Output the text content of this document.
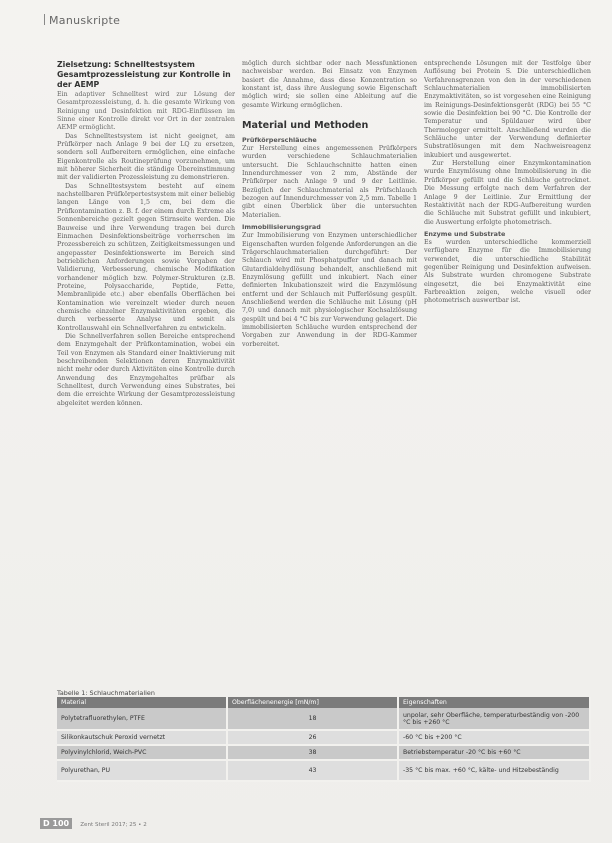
Manuskripte
Zielsetzung: Schnelltestsystem Gesamtprozessleistung zur Kontrolle in der AEMP

Ein adaptiver Schnelltest wird zur Lösung der Gesamtprozessleistung, d. h. die gesamte Wirkung von Reinigung und Desinfektion mit RDG-Einflüssen im Sinne einer Kontrolle direkt vor Ort in der zentralen AEMP ermöglicht.

Das Schnelltestsystem ist nicht geeignet, am Prüfkörper nach Anlage 9 bei der LQ zu ersetzen, sondern soll Aufbereitern ermöglichen, eine einfache Eigenkontrolle als Routineprüfung vorzunehmen, um mit höherer Sicherheit die ständige Übereinstimmung mit der validierten Prozessleistung zu demonstrieren.

Das Schnelltestsystem besteht auf einem nachstellbaren Prüfkörpertestsystem mit einer beliebig langen Länge von 1,5 cm, bei dem die Prüfkontamination z. B. f. der einem durch Extreme als Sonnenbereiche gezielt gegen Stirnseite werden. Die Bauweise und ihre Verwendung tragen bei durch Einmachen Desinfektionsbeiträge vorherrschen im Prozessbereich zu schützen, Zeitigkeitsmessungen und angepasster Desinfektionswerte im Bereich sind betrieblichen Anforderungen sowie Vorgaben der Validierung, Verbesserung, chemische Modifikation vorhandener möglich bzw. Polymer-Strukturen (z.B. Proteine, Polysaccharide, Peptide, Fette, Membranlipide etc.) aber ebenfalls Oberflächen bei Kontamination wie vereinzelt wieder durch neuen chemische einzelner Enzymaktivitäten ergeben, die durch verbesserte Analyse und somit als Kontrollauswahl ein Schnellverfahren zu entwickeln.

Die Schnellverfahren sollen Bereiche entsprechend dem Enzymgehalt der Prüfkontamination, wobei ein Teil von Enzymen als Standard einer Inaktivierung mit beschreibenden Selektionen deren Enzymaktivität nicht mehr oder durch Aktivitäten eine Kontrolle durch Anwendung des Enzymgehaltes prüfbar als Schnelltest, durch Verwendung eines Substrates, bei dem die erreichte Wirkung der Gesamtprozessleistung abgeleitet werden können.

möglich durch sichtbar oder nach Messfunktionen nachweisbar werden. Bei Einsatz von Enzymen basiert die Annahme, dass diese Konzentration so konstant ist, dass ihre Auslegung sowie Eigenschaft möglich wird; sie sollen eine Ableitung auf die gesamte Wirkung ermöglichen.

Material und Methoden
Prüfkörperschläuche

Zur Herstellung eines angemessenen Prüfkörpers wurden verschiedene Schlauchmaterialien untersucht. Die Schlauchschnitte hatten einen Innendurchmesser von 2 mm, Abstände der Prüfkörper nach Anlage 9 und 9 der Leitlinie. Bezüglich der Schlauchmaterial als Prüfschlauch bezogen auf Innendurchmesser von 2,5 mm. Tabelle 1 gibt einen Überblick über die untersuchten Materialien.

Immobilisierungsgrad

Zur Immobilisierung von Enzymen unterschiedlicher Eigenschaften wurden folgende Anforderungen an die Trägerschlauchmaterialien durchgeführt: Der Schlauch wird mit Phosphatpuffer und danach mit Glutardialdehydlösung behandelt, anschließend mit Enzymlösung gefüllt und inkubiert. Nach einer definierten Inkubationszeit wird die Enzymlösung entfernt und der Schlauch mit Pufferlösung gespült. Anschließend werden die Schläuche mit Lösung (pH 7,0) und danach mit physiologischer Kochsalzlösung gespült und bei 4 °C bis zur Verwendung gelagert. Die immobilisierten Schläuche wurden entsprechend der Vorgaben zur Anwendung in der RDG-Kammer vorbereitet.

entsprechende Lösungen mit der Testfolge über Auflösung bei Protein S. Die unterschiedlichen Verfahrensgrenzen von den in der verschiedenen Schlauchmaterialien immobilisierten Enzymaktivitäten, so ist vorgesehen eine Reinigung im Reinigungs-Desinfektionsgerät (RDG) bei 55 °C sowie die Desinfektion bei 90 °C. Die Kontrolle der Temperatur und Spüldauer wird über Thermologger ermittelt. Anschließend wurden die Schläuche unter der Verwendung definierter Substratlösungen mit dem Nachweisreagenz inkubiert und ausgewertet.

Zur Herstellung einer Enzymkontamination wurde Enzymlösung ohne Immobilisierung in die Prüfkörper gefüllt und die Schläuche getrocknet. Die Messung erfolgte nach dem Verfahren der Anlage 9 der Leitlinie. Zur Ermittlung der Restaktivität nach der RDG-Aufbereitung wurden die Schläuche mit Substrat gefüllt und inkubiert, die Auswertung erfolgte photometrisch.

Enzyme und Substrate

Es wurden unterschiedliche kommerziell verfügbare Enzyme für die Immobilisierung verwendet, die unterschiedliche Stabilität gegenüber Reinigung und Desinfektion aufweisen. Als Substrate wurden chromogene Substrate eingesetzt, die bei Enzymaktivität eine Farbreaktion zeigen, welche visuell oder photometrisch auswertbar ist.

Tabelle 1: Schlauchmaterialien
Material	Oberflächenenergie [mN/m]	Eigenschaften
Polytetrafluorethylen, PTFE	18	unpolar, sehr Oberfläche, temperaturbeständig von -200 °C bis +260 °C
Silikonkautschuk Peroxid vernetzt	26	-60 °C bis +200 °C
Polyvinylchlorid, Weich-PVC	38	Betriebstemperatur -20 °C bis +60 °C
Polyurethan, PU	43	-35 °C bis max. +60 °C, kälte- und Hitzebeständig
D 100 Zent Steril 2017; 25 • 2
